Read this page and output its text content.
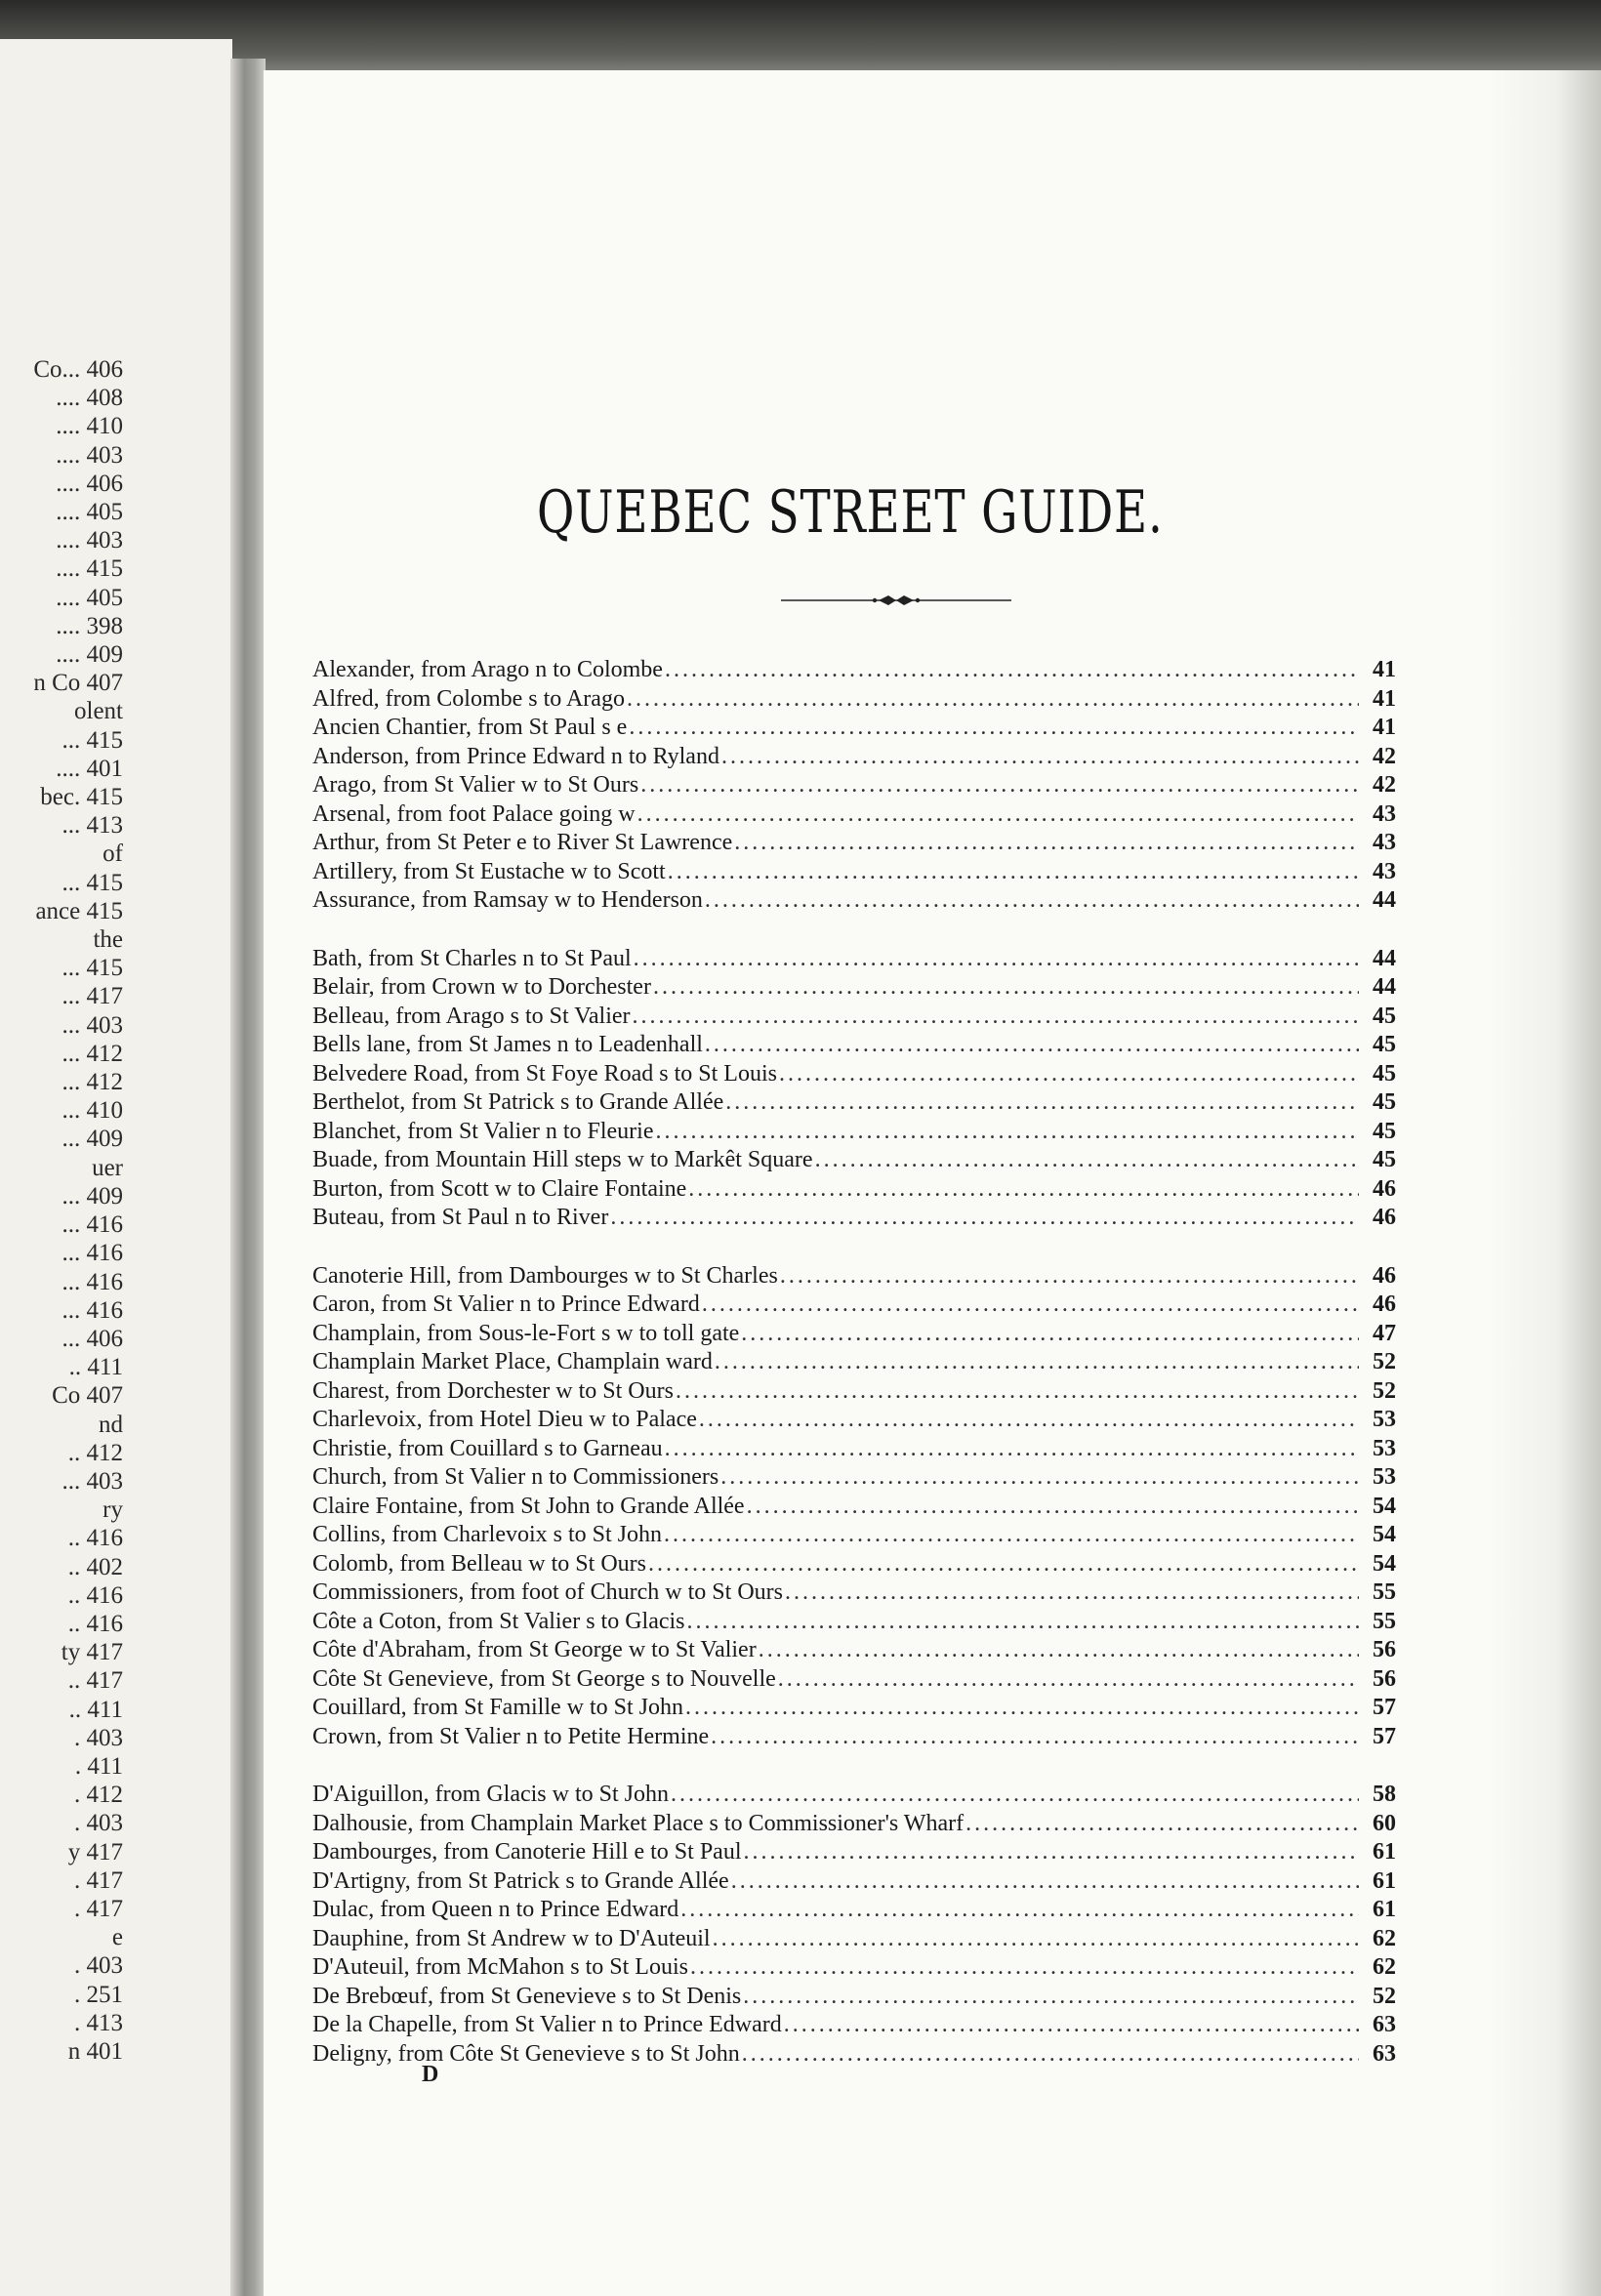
Co... 406
.... 408
.... 410
.... 403
.... 406
.... 405
.... 403
.... 415
.... 405
.... 398
.... 409
n Co 407
olent
... 415
.... 401
bec. 415
... 413
of
... 415
ance 415
the
... 415
... 417
... 403
... 412
... 412
... 410
... 409
uer
... 409
... 416
... 416
... 416
... 416
... 406
.. 411
Co 407
nd
.. 412
... 403
ry
.. 416
.. 402
.. 416
.. 416
ty 417
.. 417
.. 411
. 403
. 411
. 412
. 403
y 417
. 417
. 417
e
. 403
. 251
. 413
n 401
QUEBEC STREET GUIDE.
Alexander, from Arago n to Colombe .....	41
Alfred, from Colombe s to Arago .....	41
Ancien Chantier, from St Paul s e .....	41
Anderson, from Prince Edward n to Ryland .....	42
Arago, from St Valier w to St Ours .....	42
Arsenal, from foot Palace going w .....	43
Arthur, from St Peter e to River St Lawrence .....	43
Artillery, from St Eustache w to Scott .....	43
Assurance, from Ramsay w to Henderson .....	44
Bath, from St Charles n to St Paul .....	44
Belair, from Crown w to Dorchester .....	44
Belleau, from Arago s to St Valier .....	45
Bells lane, from St James n to Leadenhall .....	45
Belvedere Road, from St Foye Road s to St Louis .....	45
Berthelot, from St Patrick s to Grande Allée .....	45
Blanchet, from St Valier n to Fleurie .....	45
Buade, from Mountain Hill steps w to Markêt Square .....	45
Burton, from Scott w to Claire Fontaine .....	46
Buteau, from St Paul n to River .....	46
Canoterie Hill, from Dambourges w to St Charles .....	46
Caron, from St Valier n to Prince Edward .....	46
Champlain, from Sous-le-Fort s w to toll gate .....	47
Champlain Market Place, Champlain ward .....	52
Charest, from Dorchester w to St Ours .....	52
Charlevoix, from Hotel Dieu w to Palace .....	53
Christie, from Couillard s to Garneau .....	53
Church, from St Valier n to Commissioners .....	53
Claire Fontaine, from St John to Grande Allée .....	54
Collins, from Charlevoix s to St John .....	54
Colomb, from Belleau w to St Ours .....	54
Commissioners, from foot of Church w to St Ours .....	55
Côte a Coton, from St Valier s to Glacis .....	55
Côte d'Abraham, from St George w to St Valier .....	56
Côte St Genevieve, from St George s to Nouvelle .....	56
Couillard, from St Famille w to St John .....	57
Crown, from St Valier n to Petite Hermine .....	57
D'Aiguillon, from Glacis w to St John .....	58
Dalhousie, from Champlain Market Place s to Commissioner's Wharf .....	60
Dambourges, from Canoterie Hill e to St Paul .....	61
D'Artigny, from St Patrick s to Grande Allée .....	61
Dulac, from Queen n to Prince Edward .....	61
Dauphine, from St Andrew w to D'Auteuil .....	62
D'Auteuil, from McMahon s to St Louis .....	62
De Brebœuf, from St Genevieve s to St Denis .....	52
De la Chapelle, from St Valier n to Prince Edward .....	63
Deligny, from Côte St Genevieve s to St John .....	63
D
